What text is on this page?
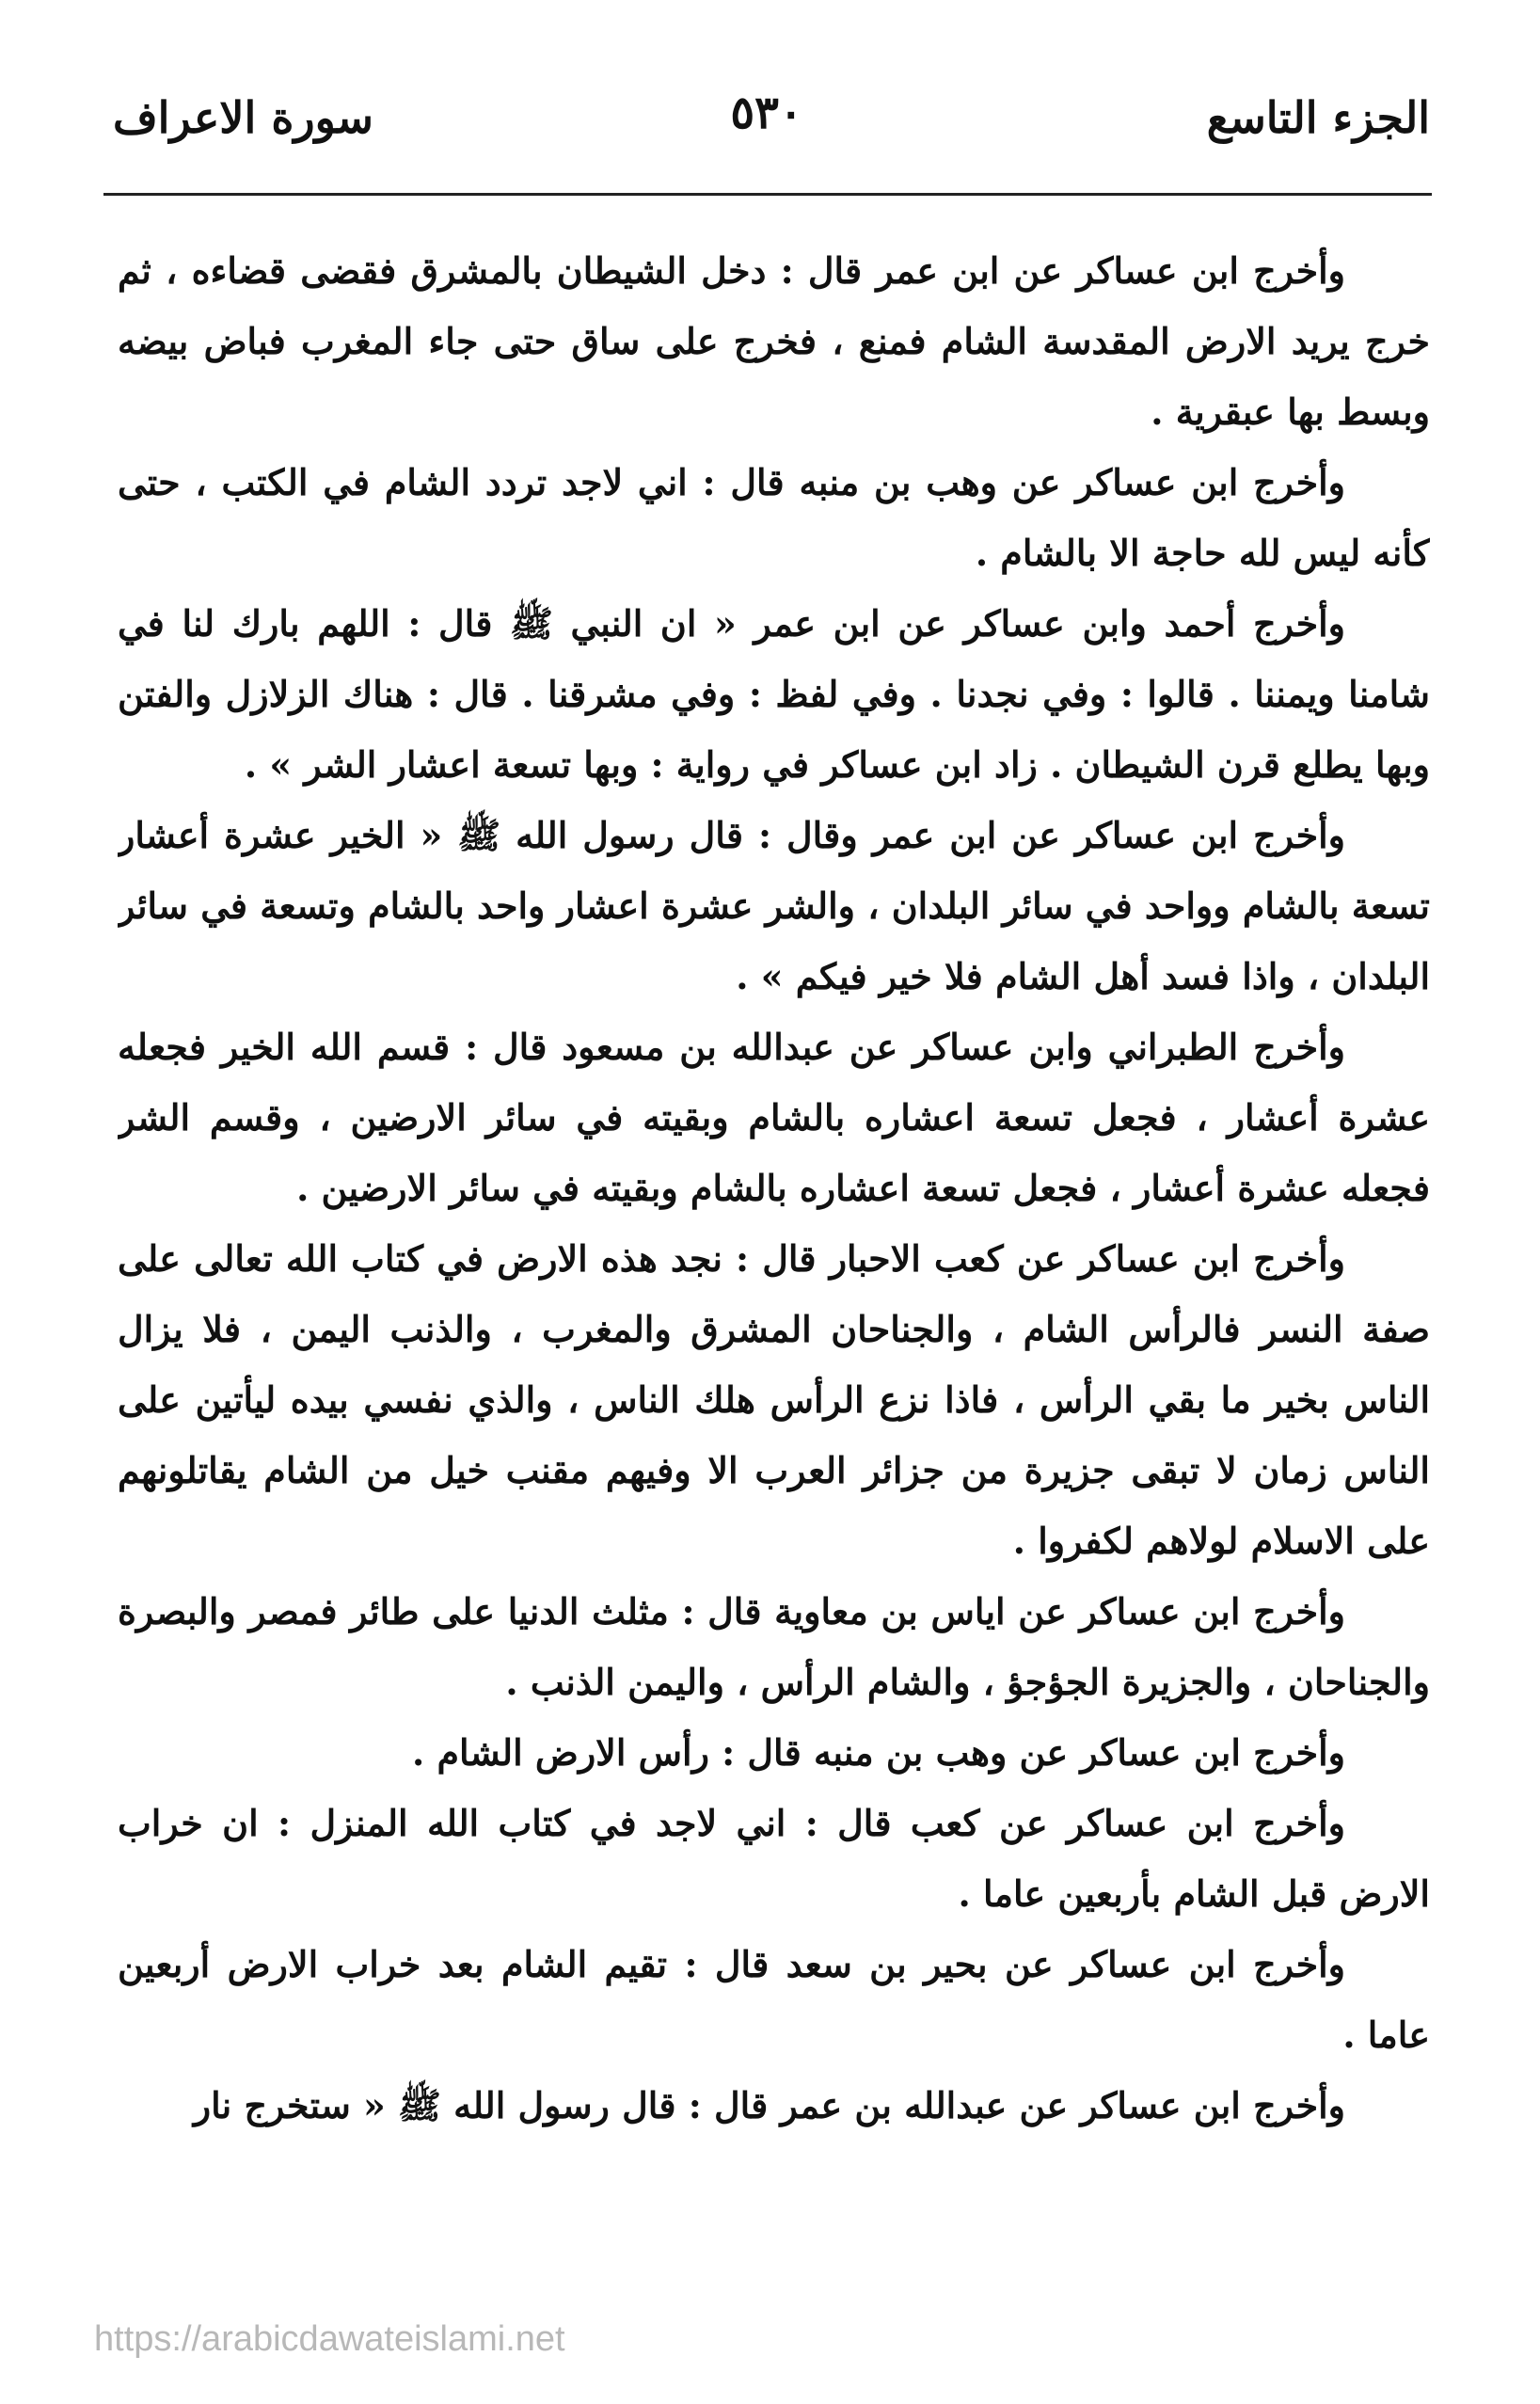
الجزء التاسع
٥٣٠
سورة الاعراف

وأخرج ابن عساكر عن ابن عمر قال : دخل الشيطان بالمشرق فقضى قضاءه ، ثم خرج يريد الارض المقدسة الشام فمنع ، فخرج على ساق حتى جاء المغرب فباض بيضه وبسط بها عبقرية .

وأخرج ابن عساكر عن وهب بن منبه قال : اني لاجد تردد الشام في الكتب ، حتى كأنه ليس لله حاجة الا بالشام .

وأخرج أحمد وابن عساكر عن ابن عمر « ان النبي ﷺ قال : اللهم بارك لنا في شامنا ويمننا . قالوا : وفي نجدنا . وفي لفظ : وفي مشرقنا . قال : هناك الزلازل والفتن وبها يطلع قرن الشيطان . زاد ابن عساكر في رواية : وبها تسعة اعشار الشر » .

وأخرج ابن عساكر عن ابن عمر وقال : قال رسول الله ﷺ « الخير عشرة أعشار تسعة بالشام وواحد في سائر البلدان ، والشر عشرة اعشار واحد بالشام وتسعة في سائر البلدان ، واذا فسد أهل الشام فلا خير فيكم » .

وأخرج الطبراني وابن عساكر عن عبدالله بن مسعود قال : قسم الله الخير فجعله عشرة أعشار ، فجعل تسعة اعشاره بالشام وبقيته في سائر الارضين ، وقسم الشر فجعله عشرة أعشار ، فجعل تسعة اعشاره بالشام وبقيته في سائر الارضين .

وأخرج ابن عساكر عن كعب الاحبار قال : نجد هذه الارض في كتاب الله تعالى على صفة النسر فالرأس الشام ، والجناحان المشرق والمغرب ، والذنب اليمن ، فلا يزال الناس بخير ما بقي الرأس ، فاذا نزع الرأس هلك الناس ، والذي نفسي بيده ليأتين على الناس زمان لا تبقى جزيرة من جزائر العرب الا وفيهم مقنب خيل من الشام يقاتلونهم على الاسلام لولاهم لكفروا .

وأخرج ابن عساكر عن اياس بن معاوية قال : مثلث الدنيا على طائر فمصر والبصرة والجناحان ، والجزيرة الجؤجؤ ، والشام الرأس ، واليمن الذنب .

وأخرج ابن عساكر عن وهب بن منبه قال : رأس الارض الشام .

وأخرج ابن عساكر عن كعب قال : اني لاجد في كتاب الله المنزل : ان خراب الارض قبل الشام بأربعين عاما .

وأخرج ابن عساكر عن بحير بن سعد قال : تقيم الشام بعد خراب الارض أربعين عاما .

وأخرج ابن عساكر عن عبدالله بن عمر قال : قال رسول الله ﷺ « ستخرج نار

https://arabicdawateislami.net
